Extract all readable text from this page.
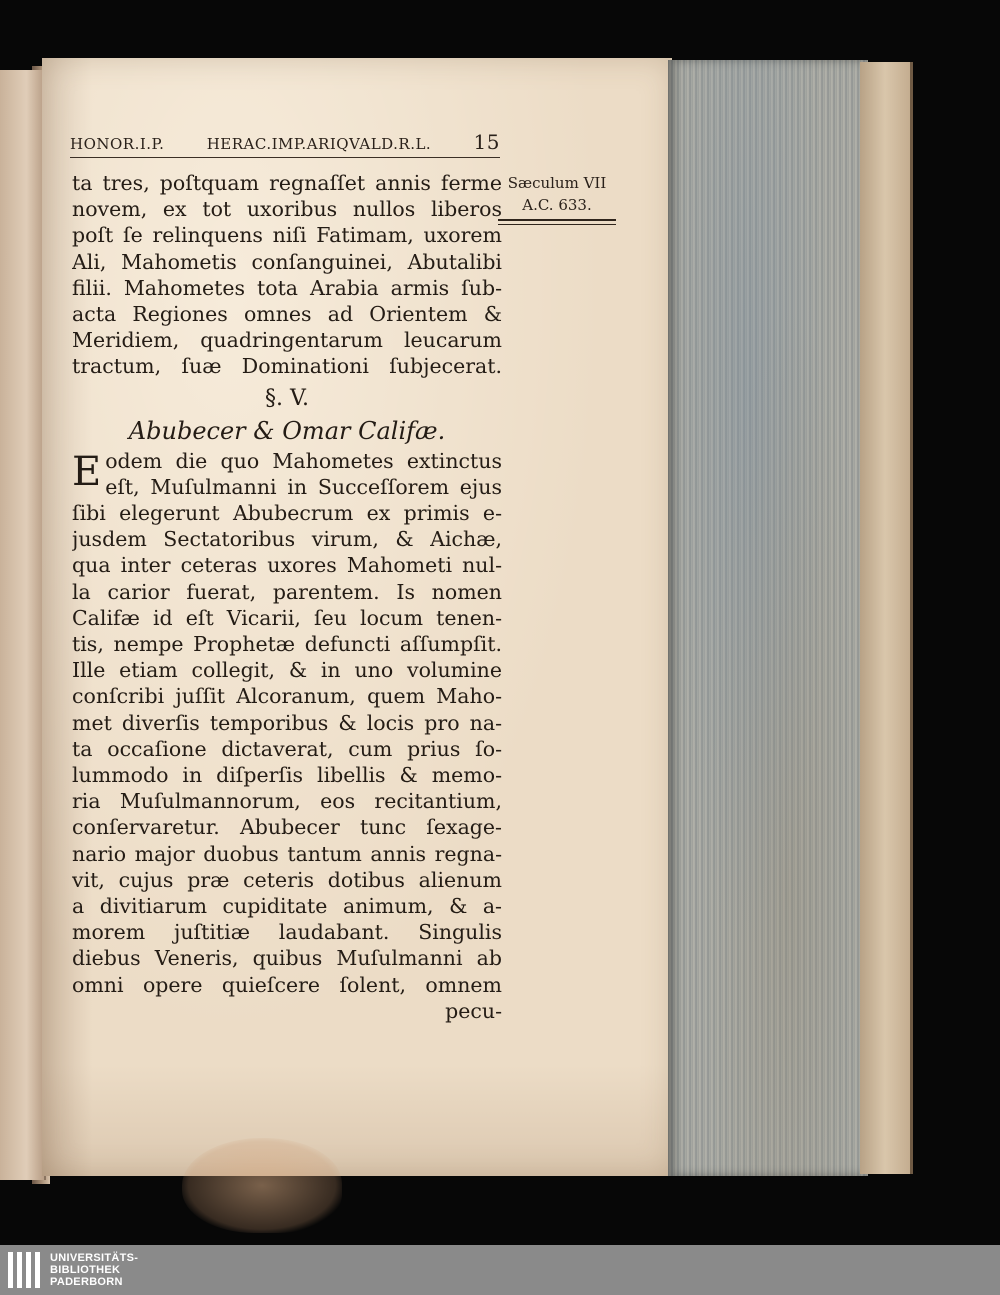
HONOR.I.P.	HERAC.IMP.ARIQVALD.R.L. 15
Sæculum VII
A.C. 633.
ta tres, poſtquam regnaſſet annis ferme
novem, ex tot uxoribus nullos liberos
poſt ſe relinquens niſi Fatimam, uxorem
Ali, Mahometis conſanguinei, Abutalibi
filii. Mahometes tota Arabia armis ſub-
acta Regiones omnes ad Orientem &
Meridiem, quadringentarum leucarum
tractum, ſuæ Dominationi ſubjecerat.
§. V.
Abubecer & Omar Califæ.
E odem die quo Mahometes extinctus
eſt, Muſulmanni in Succeſſorem ejus
ſibi elegerunt Abubecrum ex primis e-
jusdem Sectatoribus virum, & Aichæ,
qua inter ceteras uxores Mahometi nul-
la carior fuerat, parentem. Is nomen
Califæ id eſt Vicarii, ſeu locum tenen-
tis, nempe Prophetæ defuncti aſſumpſit.
Ille etiam collegit, & in uno volumine
conſcribi juſſit Alcoranum, quem Maho-
met diverſis temporibus & locis pro na-
ta occaſione dictaverat, cum prius ſo-
lummodo in diſperſis libellis & memo-
ria Muſulmannorum, eos recitantium,
conſervaretur. Abubecer tunc ſexage-
nario major duobus tantum annis regna-
vit, cujus præ ceteris dotibus alienum
a divitiarum cupiditate animum, & a-
morem juſtitiæ laudabant. Singulis
diebus Veneris, quibus Muſulmanni ab
omni opere quieſcere ſolent, omnem
pecu-
UNIVERSITÄTS-
BIBLIOTHEK
PADERBORN
